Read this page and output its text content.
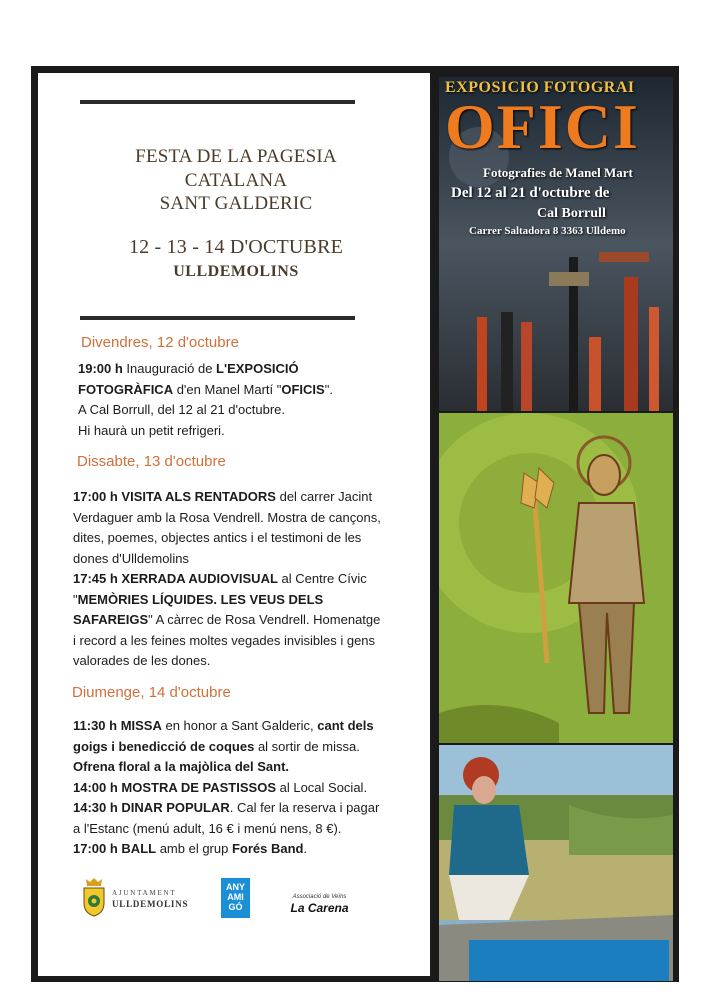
FESTA DE LA PAGESIA
CATALANA
SANT GALDERIC
12 - 13 - 14 D'OCTUBRE
ULLDEMOLINS
Divendres, 12 d'octubre
19:00 h Inauguració de L'EXPOSICIÓ
FOTOGRÀFICA d'en Manel Martí "OFICIS".
A Cal Borrull, del 12 al 21 d'octubre.
Hi haurà un petit refrigeri.
Dissabte, 13 d'octubre
17:00 h VISITA ALS RENTADORS del carrer Jacint
Verdaguer amb la Rosa Vendrell. Mostra de cançons,
dites, poemes, objectes antics i el testimoni de les
dones d'Ulldemolins
17:45 h XERRADA AUDIOVISUAL al Centre Cívic
"MEMÒRIES LÍQUIDES. LES VEUS DELS
SAFAREIGS" A càrrec de Rosa Vendrell. Homenatge
i record a les feines moltes vegades invisibles i gens
valorades de les dones.
Diumenge, 14 d'octubre
11:30 h MISSA en honor a Sant Galderic, cant dels
goigs i benedicció de coques al sortir de missa.
Ofrena floral a la majòlica del Sant.
14:00 h MOSTRA DE PASTISSOS al Local Social.
14:30 h DINAR POPULAR. Cal fer la reserva i pagar
a l'Estanc (menú adult, 16 € i menú nens, 8 €).
17:00 h BALL amb el grup Forés Band.
AJUNTAMENT
ULLDEMOLINS
ANY
AMI
GÓ
Associació de Veïns
La Carena
EXPOSICIO FOTOGRAI
OFICI
Fotografies de Manel Mart
Del 12 al 21 d'octubre de
Cal Borrull
Carrer Saltadora 8 3363 Ulldemo
